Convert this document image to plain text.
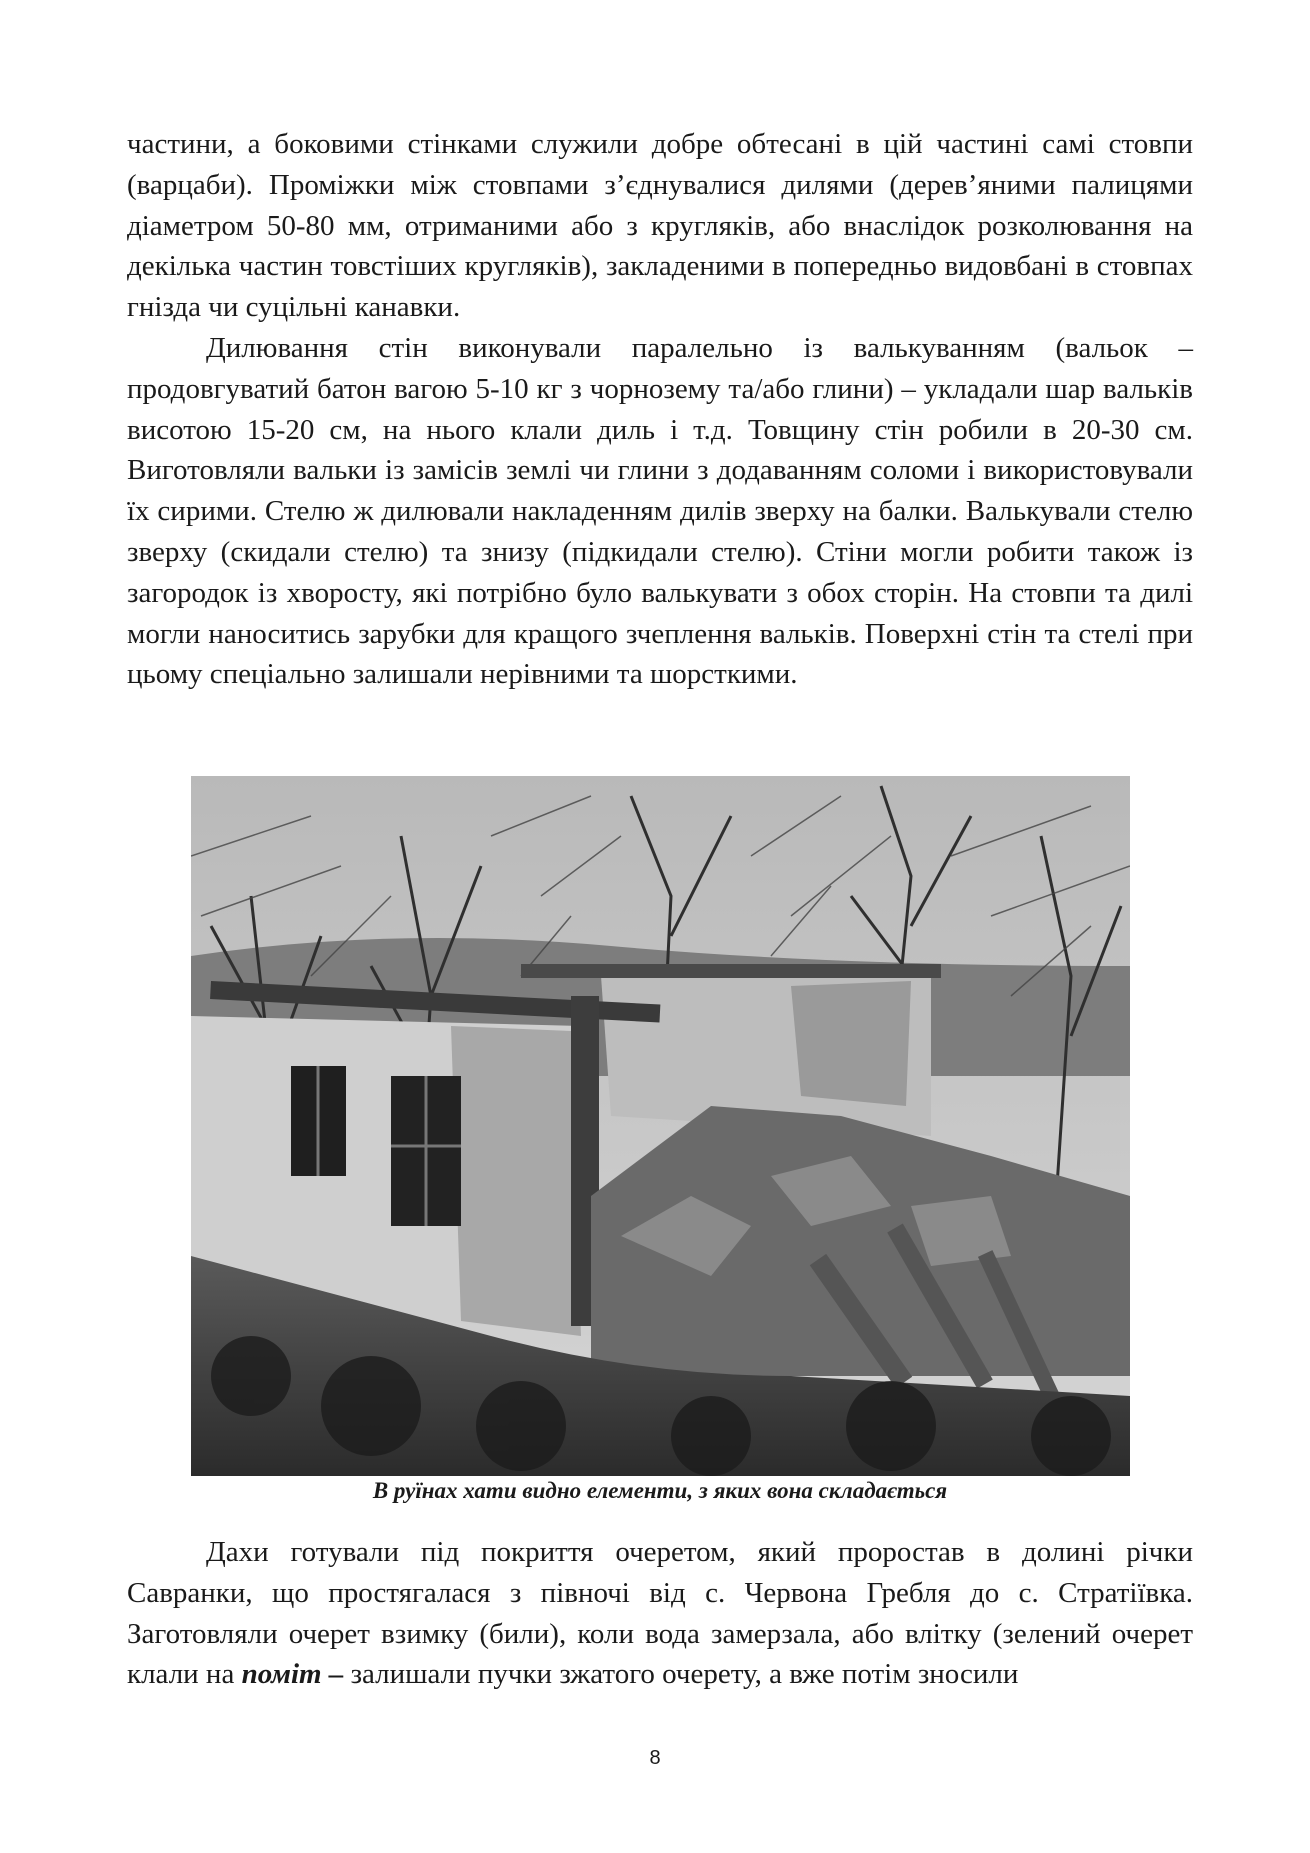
частини, а боковими стінками служили добре обтесані в цій частині самі стовпи (варцаби). Проміжки між стовпами з’єднувалися дилями (дерев’яними палицями діаметром 50-80 мм, отриманими або з кругляків, або внаслідок розколювання на декілька частин товстіших кругляків), закладеними в попередньо видовбані в стовпах гнізда чи суцільні канавки.

Дилювання стін виконували паралельно із валькуванням (вальок – продовгуватий батон вагою 5-10 кг з чорнозему та/або глини) – укладали шар вальків висотою 15-20 см, на нього клали диль і т.д. Товщину стін робили в 20-30 см. Виготовляли вальки із замісів землі чи глини з додаванням соломи і використовували їх сирими. Стелю ж дилювали накладенням дилів зверху на балки. Валькували стелю зверху (скидали стелю) та знизу (підкидали стелю). Стіни могли робити також із загородок із хворосту, які потрібно було валькувати з обох сторін. На стовпи та дилі могли наноситись зарубки для кращого зчеплення вальків. Поверхні стін та стелі при цьому спеціально залишали нерівними та шорсткими.

В руїнах хати видно елементи, з яких вона складається

Дахи готували під покриття очеретом, який проростав в долині річки Савранки, що простягалася з півночі від с. Червона Гребля до с. Стратіївка. Заготовляли очерет взимку (били), коли вода замерзала, або влітку (зелений очерет клали на поміт – залишали пучки зжатого очерету, а вже потім зносили

8
